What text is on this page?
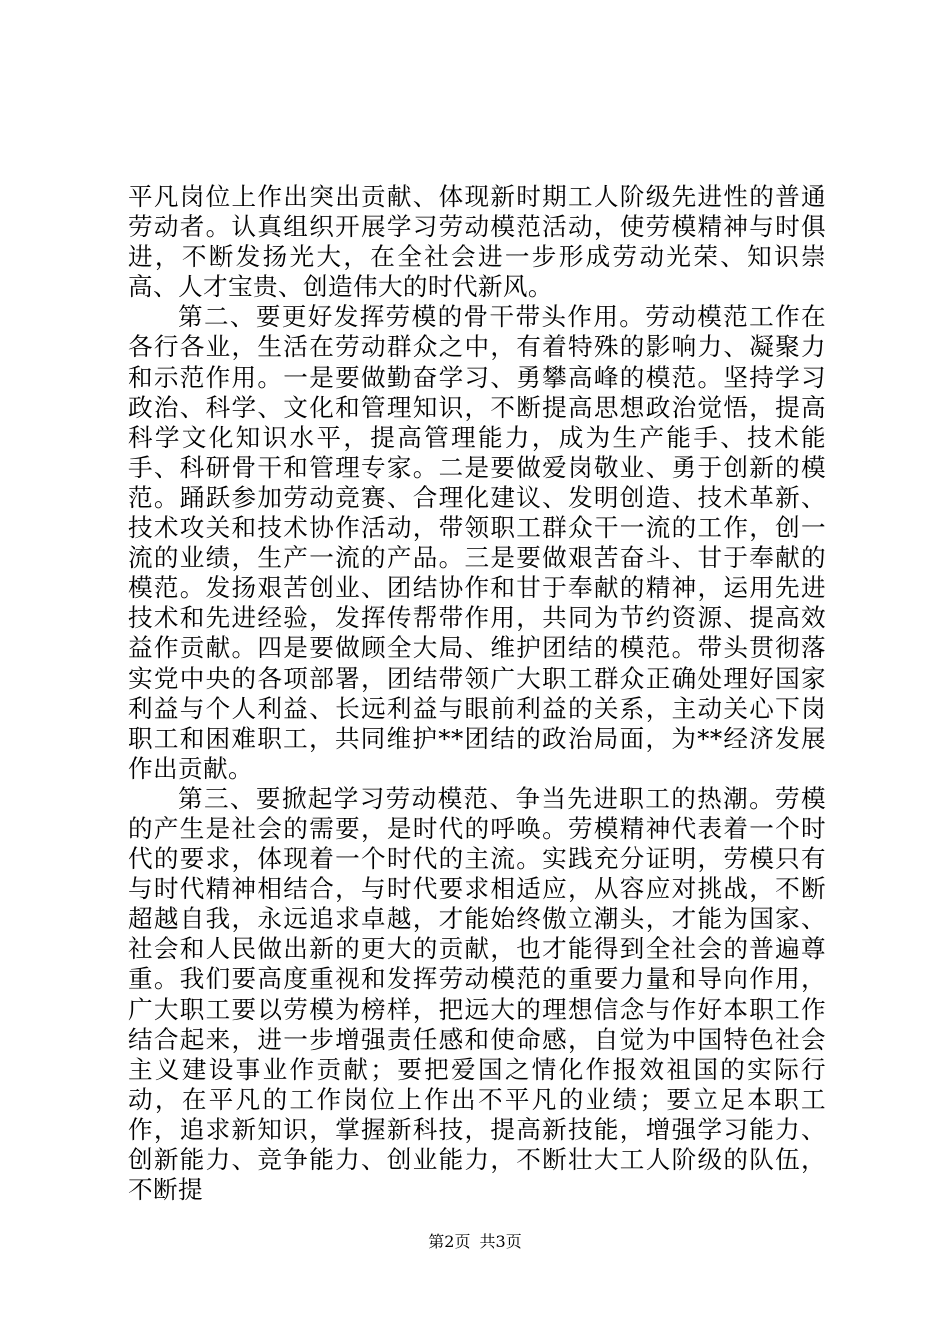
平凡岗位上作出突出贡献、体现新时期工人阶级先进性的普通劳动者。认真组织开展学习劳动模范活动，使劳模精神与时俱进，不断发扬光大，在全社会进一步形成劳动光荣、知识崇高、人才宝贵、创造伟大的时代新风。

第二、要更好发挥劳模的骨干带头作用。劳动模范工作在各行各业，生活在劳动群众之中，有着特殊的影响力、凝聚力和示范作用。一是要做勤奋学习、勇攀高峰的模范。坚持学习政治、科学、文化和管理知识，不断提高思想政治觉悟，提高科学文化知识水平，提高管理能力，成为生产能手、技术能手、科研骨干和管理专家。二是要做爱岗敬业、勇于创新的模范。踊跃参加劳动竞赛、合理化建议、发明创造、技术革新、技术攻关和技术协作活动，带领职工群众干一流的工作，创一流的业绩，生产一流的产品。三是要做艰苦奋斗、甘于奉献的模范。发扬艰苦创业、团结协作和甘于奉献的精神，运用先进技术和先进经验，发挥传帮带作用，共同为节约资源、提高效益作贡献。四是要做顾全大局、维护团结的模范。带头贯彻落实党中央的各项部署，团结带领广大职工群众正确处理好国家利益与个人利益、长远利益与眼前利益的关系，主动关心下岗职工和困难职工，共同维护**团结的政治局面，为**经济发展作出贡献。

第三、要掀起学习劳动模范、争当先进职工的热潮。劳模的产生是社会的需要，是时代的呼唤。劳模精神代表着一个时代的要求，体现着一个时代的主流。实践充分证明，劳模只有与时代精神相结合，与时代要求相适应，从容应对挑战，不断超越自我，永远追求卓越，才能始终傲立潮头，才能为国家、社会和人民做出新的更大的贡献，也才能得到全社会的普遍尊重。我们要高度重视和发挥劳动模范的重要力量和导向作用，广大职工要以劳模为榜样，把远大的理想信念与作好本职工作结合起来，进一步增强责任感和使命感，自觉为中国特色社会主义建设事业作贡献；要把爱国之情化作报效祖国的实际行动，在平凡的工作岗位上作出不平凡的业绩；要立足本职工作，追求新知识，掌握新科技，提高新技能，增强学习能力、创新能力、竞争能力、创业能力，不断壮大工人阶级的队伍，不断提

第2页 共3页
